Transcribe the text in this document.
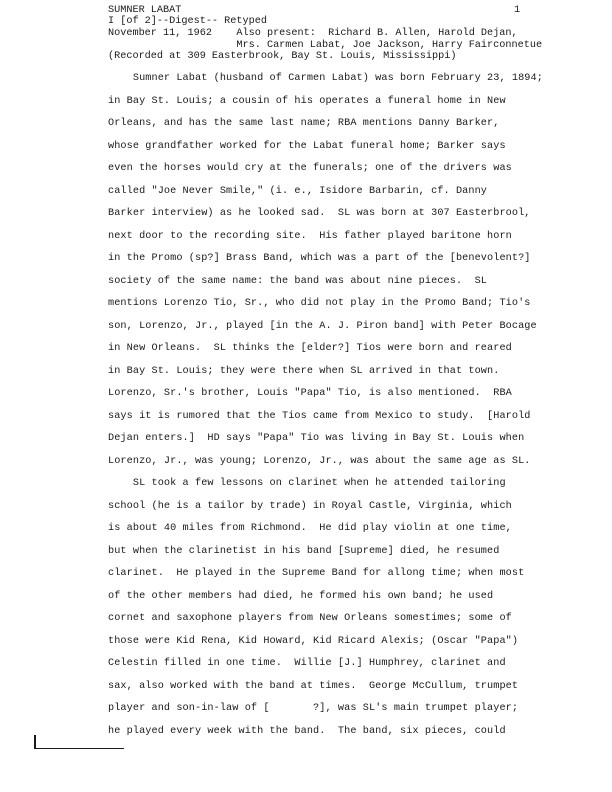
1
SUMNER LABAT
I [of 2]--Digest-- Retyped
November 11, 1962    Also present:  Richard B. Allen, Harold Dejan,
Mrs. Carmen Labat, Joe Jackson, Harry Fairconnetue
(Recorded at 309 Easterbrook, Bay St. Louis, Mississippi)
Sumner Labat (husband of Carmen Labat) was born February 23, 1894;
in Bay St. Louis; a cousin of his operates a funeral home in New
Orleans, and has the same last name; RBA mentions Danny Barker,
whose grandfather worked for the Labat funeral home; Barker says
even the horses would cry at the funerals; one of the drivers was
called "Joe Never Smile," (i. e., Isidore Barbarin, cf. Danny
Barker interview) as he looked sad.  SL was born at 307 Easterbrool,
next door to the recording site.  His father played baritone horn
in the Promo (sp?] Brass Band, which was a part of the [benevolent?]
society of the same name: the band was about nine pieces.  SL
mentions Lorenzo Tio, Sr., who did not play in the Promo Band; Tio's
son, Lorenzo, Jr., played [in the A. J. Piron band] with Peter Bocage
in New Orleans.  SL thinks the [elder?] Tios were born and reared
in Bay St. Louis; they were there when SL arrived in that town.
Lorenzo, Sr.'s brother, Louis "Papa" Tio, is also mentioned.  RBA
says it is rumored that the Tios came from Mexico to study.  [Harold
Dejan enters.]  HD says "Papa" Tio was living in Bay St. Louis when
Lorenzo, Jr., was young; Lorenzo, Jr., was about the same age as SL.
SL took a few lessons on clarinet when he attended tailoring
school (he is a tailor by trade) in Royal Castle, Virginia, which
is about 40 miles from Richmond.  He did play violin at one time,
but when the clarinetist in his band [Supreme] died, he resumed
clarinet.  He played in the Supreme Band for allong time; when most
of the other members had died, he formed his own band; he used
cornet and saxophone players from New Orleans somestimes; some of
those were Kid Rena, Kid Howard, Kid Ricard Alexis; (Oscar "Papa")
Celestin filled in one time.  Willie [J.] Humphrey, clarinet and
sax, also worked with the band at times.  George McCullum, trumpet
player and son-in-law of [       ?], was SL's main trumpet player;
he played every week with the band.  The band, six pieces, could
